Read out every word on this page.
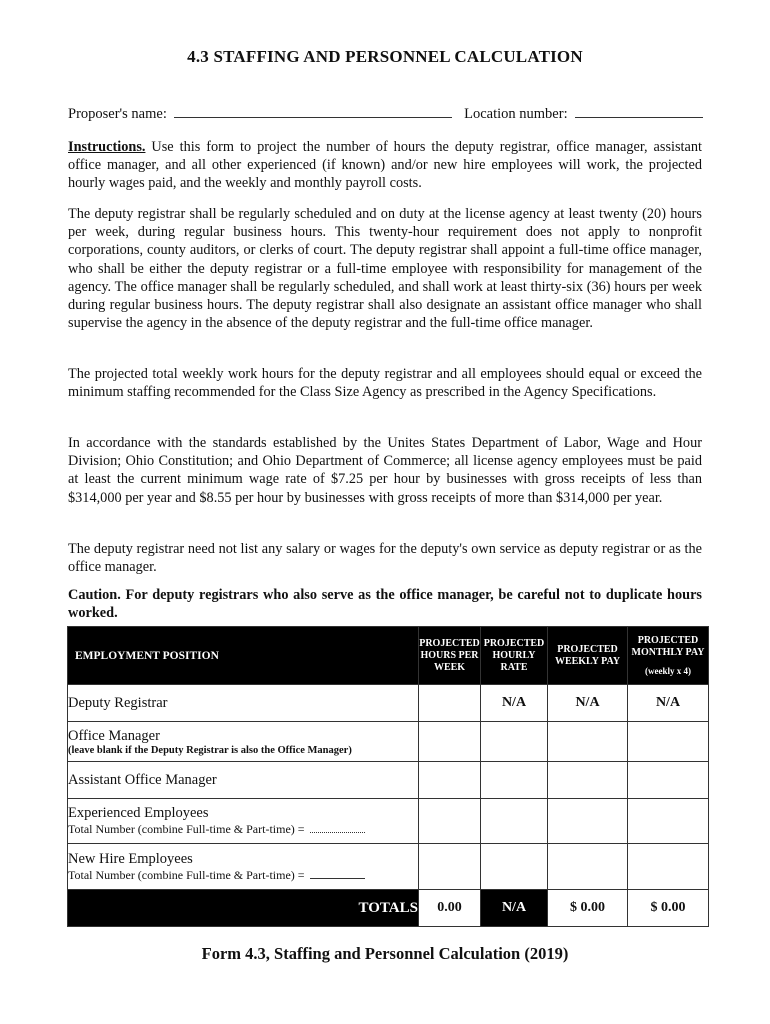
4.3 STAFFING AND PERSONNEL CALCULATION
Proposer's name:	Location number:

Instructions. Use this form to project the number of hours the deputy registrar, office manager, assistant office manager, and all other experienced (if known) and/or new hire employees will work, the projected hourly wages paid, and the weekly and monthly payroll costs.

The deputy registrar shall be regularly scheduled and on duty at the license agency at least twenty (20) hours per week, during regular business hours. This twenty-hour requirement does not apply to nonprofit corporations, county auditors, or clerks of court. The deputy registrar shall appoint a full-time office manager, who shall be either the deputy registrar or a full-time employee with responsibility for management of the agency. The office manager shall be regularly scheduled, and shall work at least thirty-six (36) hours per week during regular business hours. The deputy registrar shall also designate an assistant office manager who shall supervise the agency in the absence of the deputy registrar and the full-time office manager.

The projected total weekly work hours for the deputy registrar and all employees should equal or exceed the minimum staffing recommended for the Class Size Agency as prescribed in the Agency Specifications.

In accordance with the standards established by the Unites States Department of Labor, Wage and Hour Division; Ohio Constitution; and Ohio Department of Commerce; all license agency employees must be paid at least the current minimum wage rate of $7.25 per hour by businesses with gross receipts of less than $314,000 per year and $8.55 per hour by businesses with gross receipts of more than $314,000 per year.

The deputy registrar need not list any salary or wages for the deputy's own service as deputy registrar or as the office manager.

Caution. For deputy registrars who also serve as the office manager, be careful not to duplicate hours worked.

EMPLOYMENT POSITION	PROJECTED HOURS PER WEEK	PROJECTED HOURLY RATE	PROJECTED WEEKLY PAY	PROJECTED MONTHLY PAY
(weekly x 4)

Deputy Registrar		N/A	N/A	N/A

Office Manager
(leave blank if the Deputy Registrar is also the Office Manager)				

Assistant Office Manager				

Experienced Employees
Total Number (combine Full-time & Part-time) =				

New Hire Employees
Total Number (combine Full-time & Part-time) =				

TOTALS	0.00	N/A	$ 0.00	$ 0.00
Form 4.3, Staffing and Personnel Calculation (2019)
